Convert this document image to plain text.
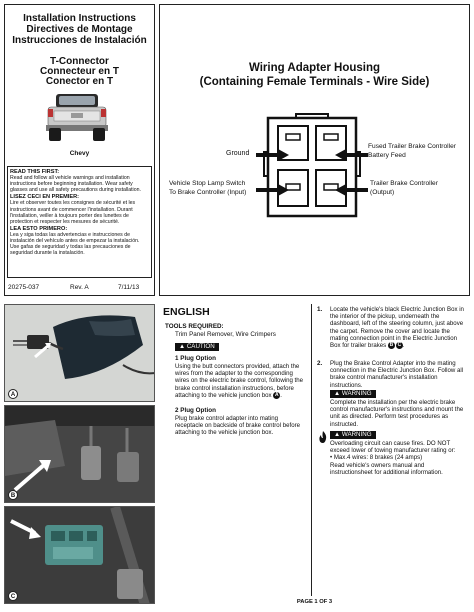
Installation Instructions
Directives de Montage
Instrucciones de Instalación
T-Connector
Connecteur en T
Conector en T
Chevy
READ THIS FIRST:
Read and follow all vehicle warnings and installation instructions before beginning installation. Wear safety glasses and use all safety precautions during installation.
LISEZ CECI EN PREMIER:
Lire et observer toutes les consignes de sécurité et les instructions avant de commencer l'installation. Durant l'installation, veiller à toujours porter des lunettes de protection et respecter les mesures de sécurité.
LEA ESTO PRIMERO:
Lea y siga todas las advertencias e instrucciones de instalación del vehículo antes de empezar la instalación. Use gafas de seguridad y todas las precauciones de seguridad durante la instalación.
20275-037	Rev. A	7/11/13
Wiring Adapter Housing
(Containing Female Terminals - Wire Side)
Ground
Fused Trailer Brake Controller
Battery Feed
Vehicle Stop Lamp Switch
To Brake Controller (Input)
Trailer Brake Controller
(Output)
A
B
C
ENGLISH
TOOLS REQUIRED:
Trim Panel Remover, Wire Crimpers
▲ CAUTION
1 Plug Option
Using the butt connectors provided, attach the wires from the adapter to the corresponding wires on the electric brake control, following the brake control installation instructions, before attaching to the vehicle junction box A .
2 Plug Option
Plug brake control adapter into mating receptacle on backside of brake control before attaching to the vehicle junction box.
1. Locate the vehicle's black Electric Junction Box in the interior of the pickup, underneath the dashboard, left of the steering column, just above the carpet. Remove the cover and locate the mating connection point in the Electric Junction Box for trailer brakes B C .
2. Plug the Brake Control Adapter into the mating connection in the Electric Junction Box. Follow all brake control manufacturer's installation instructions.
▲ WARNING
Complete the installation per the electric brake control manufacturer's instructions and mount the unit as directed. Perform test procedures as instructed.
▲ WARNING
Overloading circuit can cause fires. DO NOT exceed lower of towing manufacturer rating or:
• Max.4 wires: 8 brakes (24 amps)
Read vehicle's owners manual and instructionsheet for additional information.
PAGE 1 OF 3
